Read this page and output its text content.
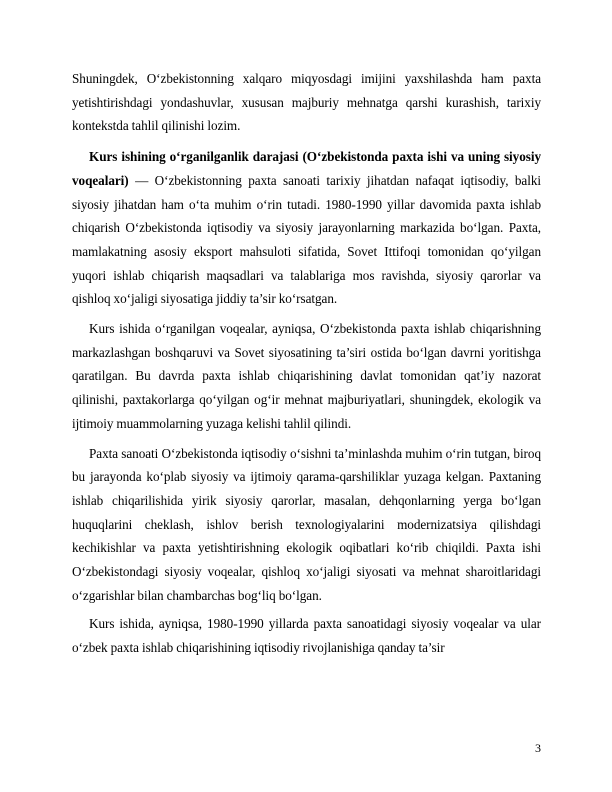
Shuningdek, O‘zbekistonning xalqaro miqyosdagi imijini yaxshilashda ham paxta yetishtirishdagi yondashuvlar, xususan majburiy mehnatga qarshi kurashish, tarixiy kontekstda tahlil qilinishi lozim.

Kurs ishining o‘rganilganlik darajasi (O‘zbekistonda paxta ishi va uning siyosiy voqealari) — O‘zbekistonning paxta sanoati tarixiy jihatdan nafaqat iqtisodiy, balki siyosiy jihatdan ham o‘ta muhim o‘rin tutadi. 1980-1990 yillar davomida paxta ishlab chiqarish O‘zbekistonda iqtisodiy va siyosiy jarayonlarning markazida bo‘lgan. Paxta, mamlakatning asosiy eksport mahsuloti sifatida, Sovet Ittifoqi tomonidan qo‘yilgan yuqori ishlab chiqarish maqsadlari va talablariga mos ravishda, siyosiy qarorlar va qishloq xo‘jaligi siyosatiga jiddiy ta’sir ko‘rsatgan.

Kurs ishida o‘rganilgan voqealar, ayniqsa, O‘zbekistonda paxta ishlab chiqarishning markazlashgan boshqaruvi va Sovet siyosatining ta’siri ostida bo‘lgan davrni yoritishga qaratilgan. Bu davrda paxta ishlab chiqarishining davlat tomonidan qat’iy nazorat qilinishi, paxtakorlarga qo‘yilgan og‘ir mehnat majburiyatlari, shuningdek, ekologik va ijtimoiy muammolarning yuzaga kelishi tahlil qilindi.

Paxta sanoati O‘zbekistonda iqtisodiy o‘sishni ta’minlashda muhim o‘rin tutgan, biroq bu jarayonda ko‘plab siyosiy va ijtimoiy qarama-qarshiliklar yuzaga kelgan. Paxtaning ishlab chiqarilishida yirik siyosiy qarorlar, masalan, dehqonlarning yerga bo‘lgan huquqlarini cheklash, ishlov berish texnologiyalarini modernizatsiya qilishdagi kechikishlar va paxta yetishtirishning ekologik oqibatlari ko‘rib chiqildi. Paxta ishi O‘zbekistondagi siyosiy voqealar, qishloq xo‘jaligi siyosati va mehnat sharoitlaridagi o‘zgarishlar bilan chambarchas bog‘liq bo‘lgan.

Kurs ishida, ayniqsa, 1980-1990 yillarda paxta sanoatidagi siyosiy voqealar va ular o‘zbek paxta ishlab chiqarishining iqtisodiy rivojlanishiga qanday ta’sir

3
